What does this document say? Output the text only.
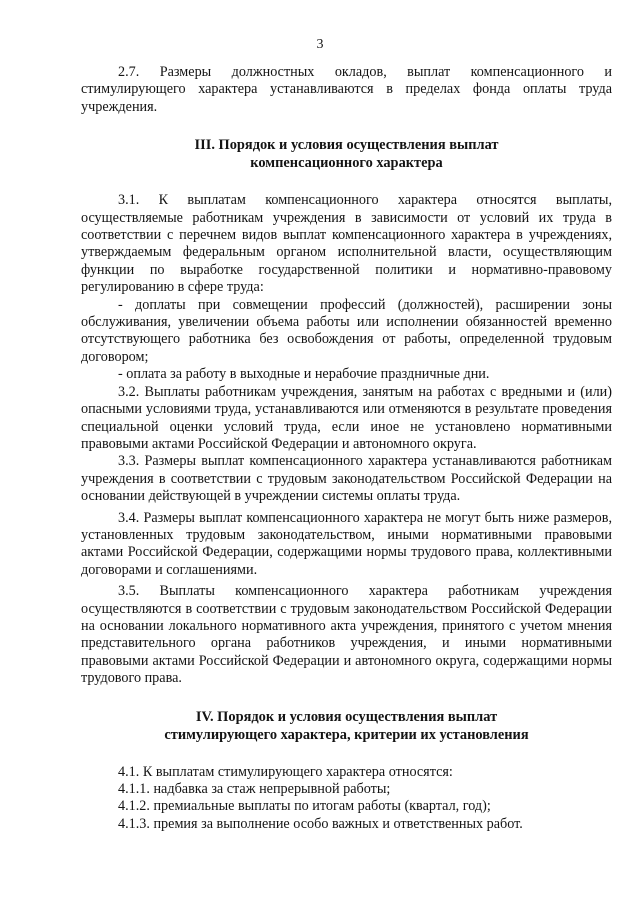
3

2.7. Размеры должностных окладов, выплат компенсационного и стимулирующего характера устанавливаются в пределах фонда оплаты труда учреждения.

III. Порядок и условия осуществления выплат
компенсационного характера

3.1. К выплатам компенсационного характера относятся выплаты, осуществляемые работникам учреждения в зависимости от условий их труда в соответствии с перечнем видов выплат компенсационного характера в учреждениях, утверждаемым федеральным органом исполнительной власти, осуществляющим функции по выработке государственной политики и нормативно-правовому регулированию в сфере труда:

- доплаты при совмещении профессий (должностей), расширении зоны обслуживания, увеличении объема работы или исполнении обязанностей временно отсутствующего работника без освобождения от работы, определенной трудовым договором;

- оплата за работу в выходные и нерабочие праздничные дни.

3.2. Выплаты работникам учреждения, занятым на работах с вредными и (или) опасными условиями труда, устанавливаются или отменяются в результате проведения специальной оценки условий труда, если иное не установлено нормативными правовыми актами Российской Федерации и автономного округа.

3.3. Размеры выплат компенсационного характера устанавливаются работникам учреждения в соответствии с трудовым законодательством Российской Федерации на основании действующей в учреждении системы оплаты труда.

3.4. Размеры выплат компенсационного характера не могут быть ниже размеров, установленных трудовым законодательством, иными нормативными правовыми актами Российской Федерации, содержащими нормы трудового права, коллективными договорами и соглашениями.

3.5. Выплаты компенсационного характера работникам учреждения осуществляются в соответствии с трудовым законодательством Российской Федерации на основании локального нормативного акта учреждения, принятого с учетом мнения представительного органа работников учреждения, и иными нормативными правовыми актами Российской Федерации и автономного округа, содержащими нормы трудового права.

IV. Порядок и условия осуществления выплат
стимулирующего характера, критерии их установления

4.1. К выплатам стимулирующего характера относятся:

4.1.1. надбавка за стаж непрерывной работы;

4.1.2. премиальные выплаты по итогам работы (квартал, год);

4.1.3. премия за выполнение особо важных и ответственных работ.
